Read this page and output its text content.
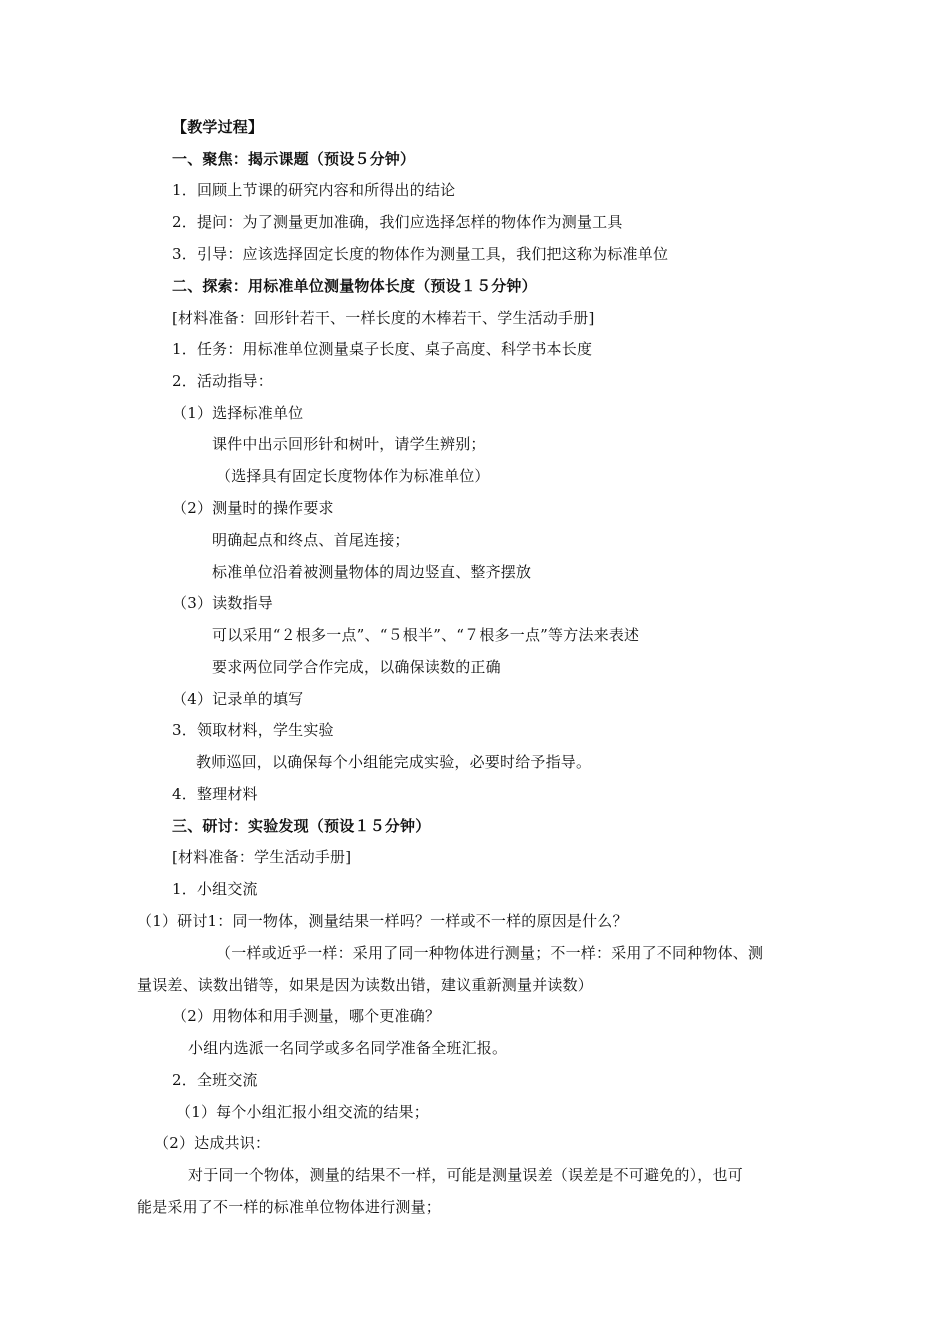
【教学过程】
一、聚焦：揭示课题（预设５分钟）
1．回顾上节课的研究内容和所得出的结论
2．提问：为了测量更加准确，我们应选择怎样的物体作为测量工具
3．引导：应该选择固定长度的物体作为测量工具，我们把这称为标准单位
二、探索：用标准单位测量物体长度（预设１５分钟）
[材料准备：回形针若干、一样长度的木棒若干、学生活动手册]
1．任务：用标准单位测量桌子长度、桌子高度、科学书本长度
2．活动指导：
（1）选择标准单位
课件中出示回形针和树叶，请学生辨别；
（选择具有固定长度物体作为标准单位）
（2）测量时的操作要求
明确起点和终点、首尾连接；
标准单位沿着被测量物体的周边竖直、整齐摆放
（3）读数指导
可以采用“２根多一点”、“５根半”、“７根多一点”等方法来表述
要求两位同学合作完成，以确保读数的正确
（4）记录单的填写
3．领取材料，学生实验
教师巡回，以确保每个小组能完成实验，必要时给予指导。
4．整理材料
三、研讨：实验发现（预设１５分钟）
[材料准备：学生活动手册]
1．小组交流
（1）研讨1：同一物体，测量结果一样吗？一样或不一样的原因是什么？
（一样或近乎一样：采用了同一种物体进行测量；不一样：采用了不同种物体、测
量误差、读数出错等，如果是因为读数出错，建议重新测量并读数）
（2）用物体和用手测量，哪个更准确？
小组内选派一名同学或多名同学准备全班汇报。
2．全班交流
（1）每个小组汇报小组交流的结果；
（2）达成共识：
对于同一个物体，测量的结果不一样，可能是测量误差（误差是不可避免的），也可
能是采用了不一样的标准单位物体进行测量；
